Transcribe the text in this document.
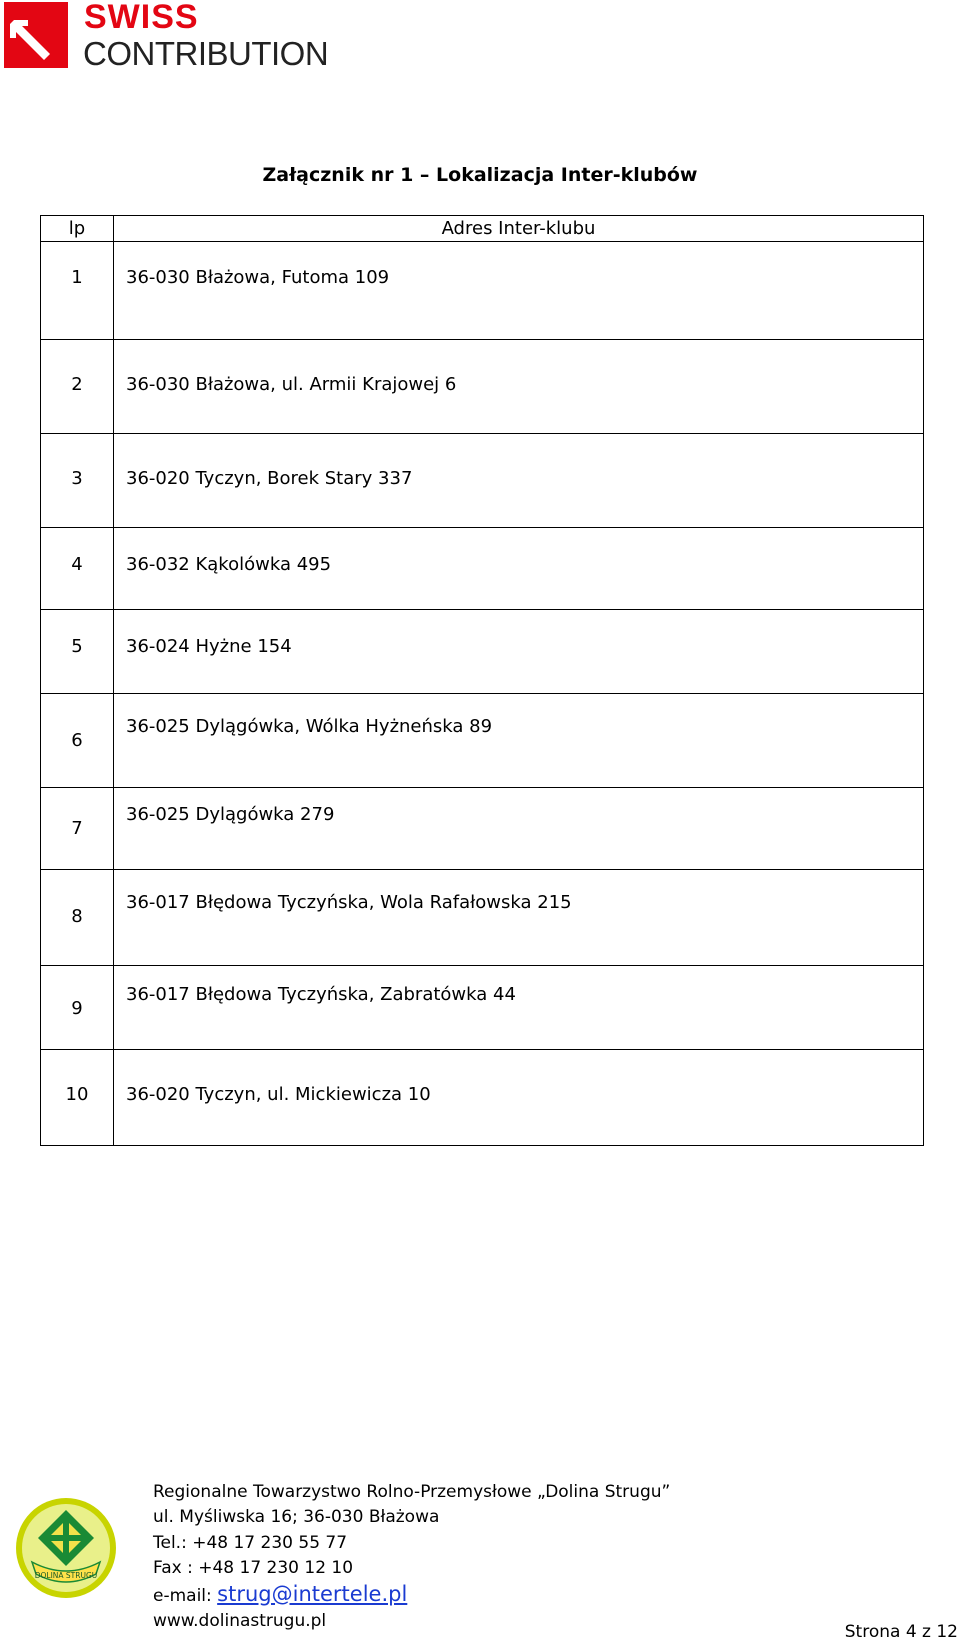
SWISS
CONTRIBUTION
Załącznik nr 1 – Lokalizacja Inter-klubów
lp	Adres Inter-klubu
1	36-030 Błażowa, Futoma 109
2	36-030 Błażowa, ul. Armii Krajowej 6
3	36-020 Tyczyn, Borek Stary 337
4	36-032 Kąkolówka 495
5	36-024 Hyżne 154
6	36-025 Dylągówka, Wólka Hyżneńska 89
7	36-025 Dylągówka 279
8	36-017 Błędowa Tyczyńska, Wola Rafałowska 215
9	36-017 Błędowa Tyczyńska, Zabratówka 44
10	36-020 Tyczyn, ul. Mickiewicza 10
DOLINA STRUGU
Regionalne Towarzystwo Rolno-Przemysłowe „Dolina Strugu”
ul. Myśliwska 16; 36-030 Błażowa
Tel.: +48 17 230 55 77
Fax : +48 17 230 12 10
e-mail: strug@intertele.pl
www.dolinastrugu.pl
Strona 4 z 12
